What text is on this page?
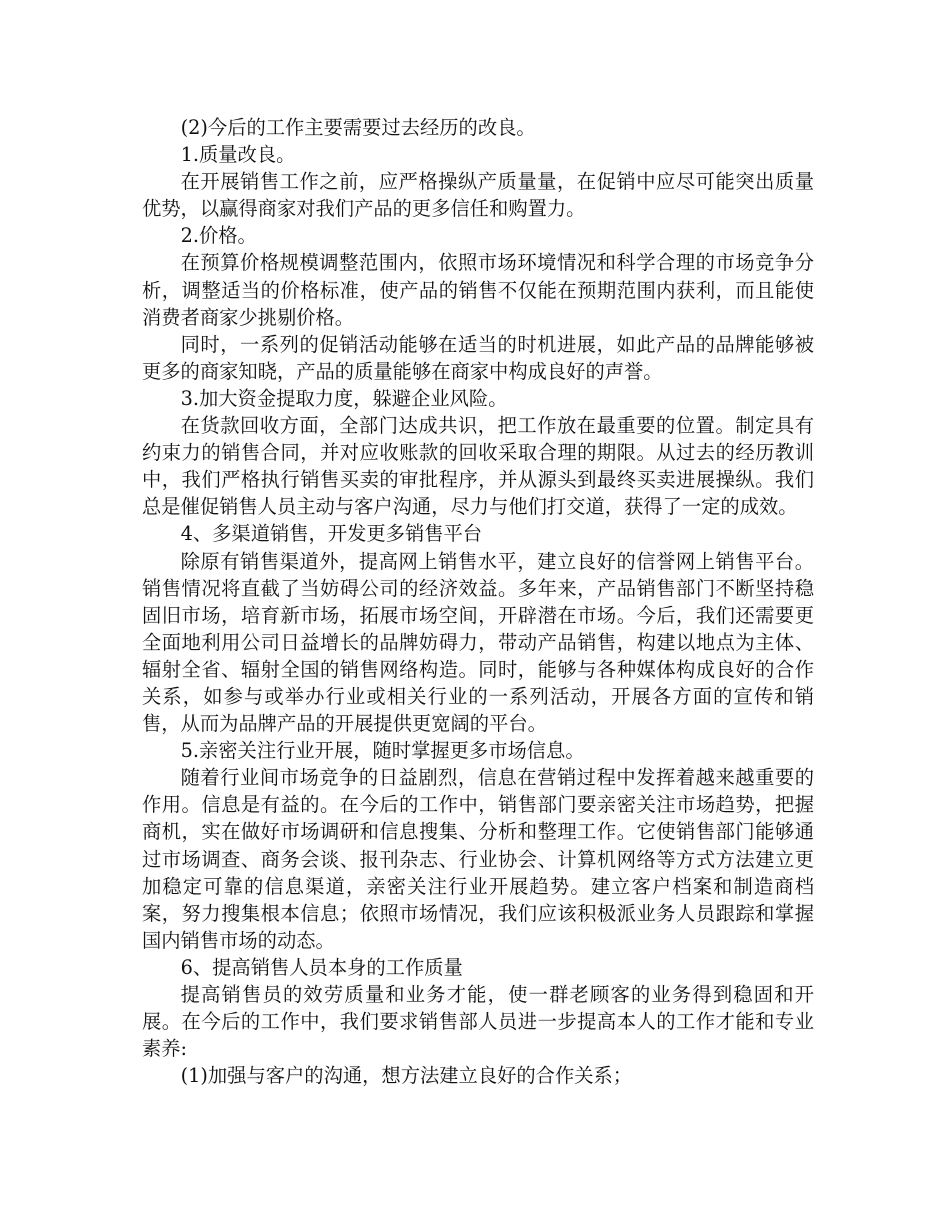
(2)今后的工作主要需要过去经历的改良。

1.质量改良。

在开展销售工作之前，应严格操纵产质量量，在促销中应尽可能突出质量优势，以赢得商家对我们产品的更多信任和购置力。

2.价格。

在预算价格规模调整范围内，依照市场环境情况和科学合理的市场竞争分析，调整适当的价格标准，使产品的销售不仅能在预期范围内获利，而且能使消费者商家少挑剔价格。

同时，一系列的促销活动能够在适当的时机进展，如此产品的品牌能够被更多的商家知晓，产品的质量能够在商家中构成良好的声誉。

3.加大资金提取力度，躲避企业风险。

在货款回收方面，全部门达成共识，把工作放在最重要的位置。制定具有约束力的销售合同，并对应收账款的回收采取合理的期限。从过去的经历教训中，我们严格执行销售买卖的审批程序，并从源头到最终买卖进展操纵。我们总是催促销售人员主动与客户沟通，尽力与他们打交道，获得了一定的成效。

4、多渠道销售，开发更多销售平台

除原有销售渠道外，提高网上销售水平，建立良好的信誉网上销售平台。销售情况将直截了当妨碍公司的经济效益。多年来，产品销售部门不断坚持稳固旧市场，培育新市场，拓展市场空间，开辟潜在市场。今后，我们还需要更全面地利用公司日益增长的品牌妨碍力，带动产品销售，构建以地点为主体、辐射全省、辐射全国的销售网络构造。同时，能够与各种媒体构成良好的合作关系，如参与或举办行业或相关行业的一系列活动，开展各方面的宣传和销售，从而为品牌产品的开展提供更宽阔的平台。

5.亲密关注行业开展，随时掌握更多市场信息。

随着行业间市场竞争的日益剧烈，信息在营销过程中发挥着越来越重要的作用。信息是有益的。在今后的工作中，销售部门要亲密关注市场趋势，把握商机，实在做好市场调研和信息搜集、分析和整理工作。它使销售部门能够通过市场调查、商务会谈、报刊杂志、行业协会、计算机网络等方式方法建立更加稳定可靠的信息渠道，亲密关注行业开展趋势。建立客户档案和制造商档案，努力搜集根本信息；依照市场情况，我们应该积极派业务人员跟踪和掌握国内销售市场的动态。

6、提高销售人员本身的工作质量

提高销售员的效劳质量和业务才能，使一群老顾客的业务得到稳固和开展。在今后的工作中，我们要求销售部人员进一步提高本人的工作才能和专业素养:

(1)加强与客户的沟通，想方法建立良好的合作关系；
